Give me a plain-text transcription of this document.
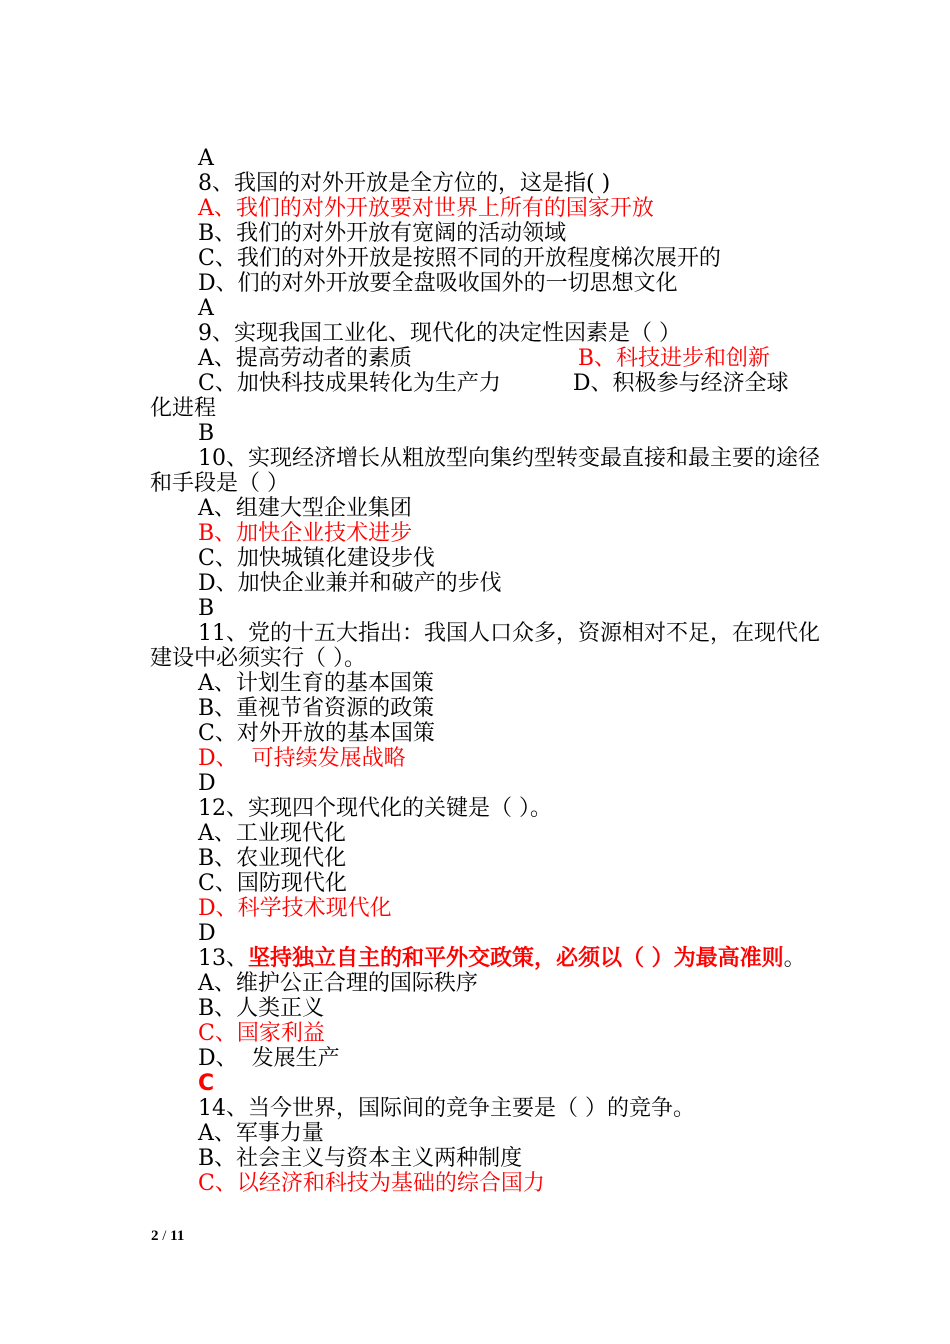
A
8、我国的对外开放是全方位的，这是指( )
A、我们的对外开放要对世界上所有的国家开放
B、我们的对外开放有宽阔的活动领域
C、我们的对外开放是按照不同的开放程度梯次展开的
D、们的对外开放要全盘吸收国外的一切思想文化
A
9、实现我国工业化、现代化的决定性因素是（ ）
A、提高劳动者的素质	B、科技进步和创新
C、加快科技成果转化为生产力	D、积极参与经济全球
化进程
B
10、实现经济增长从粗放型向集约型转变最直接和最主要的途径和手段是（ ）
A、组建大型企业集团
B、加快企业技术进步
C、加快城镇化建设步伐
D、加快企业兼并和破产的步伐
B
11、党的十五大指出：我国人口众多，资源相对不足，在现代化建设中必须实行（ ）。
A、计划生育的基本国策
B、重视节省资源的政策
C、对外开放的基本国策
D、  可持续发展战略
D
12、实现四个现代化的关键是（ ）。
A、工业现代化
B、农业现代化
C、国防现代化
D、科学技术现代化
D
13、坚持独立自主的和平外交政策，必须以（ ）为最高准则。
A、维护公正合理的国际秩序
B、人类正义
C、国家利益
D、  发展生产
C
14、当今世界，国际间的竞争主要是（ ）的竞争。
A、军事力量
B、社会主义与资本主义两种制度
C、以经济和科技为基础的综合国力
2 / 11
